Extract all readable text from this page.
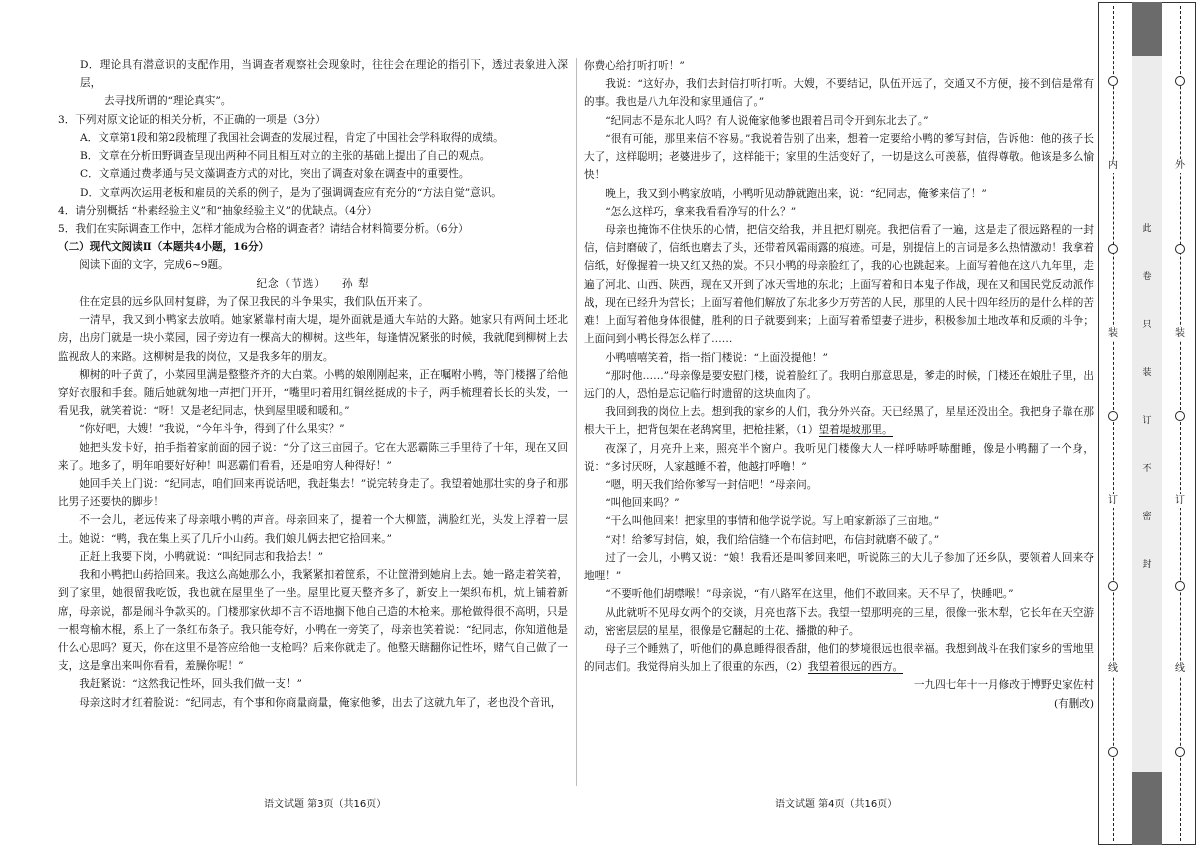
D．理论具有潜意识的支配作用，当调查者观察社会现象时，往往会在理论的指引下，透过表象进入深层，

去寻找所谓的“理论真实”。

3．下列对原文论证的相关分析，不正确的一项是（3分）

A．文章第1段和第2段梳理了我国社会调查的发展过程，肯定了中国社会学科取得的成绩。

B．文章在分析田野调查呈现出两种不同且相互对立的主张的基础上提出了自己的观点。

C．文章通过费孝通与吴文藻调查方式的对比，突出了调查对象在调查中的重要性。

D．文章两次运用老板和雇员的关系的例子，是为了强调调查应有充分的“方法自觉”意识。

4．请分别概括 “朴素经验主义”和“抽象经验主义”的优缺点。（4分）

5．我们在实际调查工作中，怎样才能成为合格的调查者？请结合材料简要分析。（6分）

（二）现代文阅读Ⅱ（本题共4小题，16分）

阅读下面的文字，完成6~9题。

纪念（节选） 孙 犁

住在定县的远乡队回村复辟，为了保卫我民的斗争果实，我们队伍开来了。

一清早，我又到小鸭家去放哨。她家紧靠村南大堤，堤外面就是通大车站的大路。她家只有两间土坯北房，出房门就是一块小菜园，园子旁边有一棵高大的柳树。这些年，每逢情况紧张的时候，我就爬到柳树上去监视敌人的来路。这柳树是我的岗位，又是我多年的朋友。

柳树的叶子黄了，小菜园里满是整整齐齐的大白菜。小鸭的娘刚刚起来，正在嘱咐小鸭，等门楼撂了给他穿好衣服和手套。随后她就匆地一声把门开开，“嘴里叼着用红铜丝挺成的卡子，两手梳理着长长的头发，一看见我，就笑着说：“呀！又是老纪同志，快到屋里暖和暖和。”

“你好吧，大嫂！”我说，“今年斗争，得到了什么果实？”

她把头发卡好，拍手指着家前面的园子说：“分了这三亩园子。它在大恶霸陈三手里待了十年，现在又回来了。地多了，明年咱要好好种！叫恶霸们看看，还是咱穷人种得好！”

她回手关上门说：“纪同志，咱们回来再说话吧，我赶集去！”说完转身走了。我望着她那壮实的身子和那比男子还要快的脚步！

不一会儿，老远传来了母亲哦小鸭的声音。母亲回来了，提着一个大柳篮，满脸红光，头发上浮着一层土。她说：“鸭，我在集上买了几斤小山药。我们娘儿俩去把它拾回来。”

正赶上我要下岗，小鸭就说：“叫纪同志和我拾去！”

我和小鸭把山药拾回来。我这么高她那么小，我紧紧扣着筐系，不让筐滑到她肩上去。她一路走着笑着，到了家里，她很留我吃饭，我也就在屋里坐了一坐。屋里比夏天整齐多了，新安上一架织布机，炕上铺着新席，母亲说，都是闹斗争款买的。门楼那家伙却不言不语地搁下他自己造的木枪来。那枪做得很不高明，只是一根弯榆木棍，系上了一条红布条子。我只能夸好，小鸭在一旁笑了，母亲也笑着说：“纪同志，你知道他是什么心思吗？夏天，你在这里不是答应给他一支枪吗？后来你就走了。他整天瞎翻你记性坏，赌气自己做了一支，这是拿出来叫你看看，羞臊你呢！”

我赶紧说：“这然我记性坏，回头我们做一支！”

母亲这时才红着脸说：“纪同志，有个事和你商量商量，俺家他爹，出去了这就九年了，老也没个音讯，

你费心给打听打听！”

我说：“这好办，我们去封信打听打听。大嫂，不要结记，队伍开远了，交通又不方便，接不到信是常有的事。我也是八九年没和家里通信了。”

“纪同志不是东北人吗？有人说俺家他爹也跟着吕司令开到东北去了。”

“很有可能，那里来信不容易。”我说着告别了出来，想着一定要给小鸭的爹写封信，告诉他：他的孩子长大了，这样聪明；老婆进步了，这样能干；家里的生活变好了，一切是这么可羡慕，值得尊敬。他该是多么愉快！

晚上，我又到小鸭家放哨，小鸭听见动静就跑出来，说：“纪同志，俺爹来信了！”

“怎么这样巧，拿来我看看净写的什么？”

母亲也掩饰不住快乐的心情，把信交给我，并且把灯剔亮。我把信看了一遍，这是走了很远路程的一封信，信封磨破了，信纸也磨去了头，还带着风霜雨露的痕迹。可是，别提信上的言词是多么热情激动！我拿着信纸，好像握着一块又红又热的炭。不只小鸭的母亲脸红了，我的心也跳起来。上面写着他在这八九年里，走遍了河北、山西、陕西，现在又开到了冰天雪地的东北；上面写着和日本鬼子作战，现在又和国民党反动派作战，现在已经升为营长；上面写着他们解放了东北多少万劳苦的人民，那里的人民十四年经历的是什么样的苦难！上面写着他身体很健，胜利的日子就要到来；上面写着希望妻子进步，积极参加土地改革和反顽的斗争；上面问到小鸭长得怎么样了……

小鸭嘻嘻笑着，指一指门楼说：“上面没提他！”

“那时他……”母亲像是要安慰门楼，说着脸红了。我明白那意思是，爹走的时候，门楼还在娘肚子里，出远门的人，恐怕是忘记临行时遗留的这块血肉了。

我回到我的岗位上去。想到我的家乡的人们，我分外兴奋。天已经黑了，星星还没出全。我把身子靠在那根大干上，把背包架在老鸹窝里，把枪挂紧，（1）望着堤坡那里。

夜深了，月亮升上来，照亮半个窗户。我听见门楼像大人一样呼哧呼哧酣睡，像是小鸭翻了一个身，说：“多讨厌呀，人家越睡不着，他越打呼噜！”

“嗯，明天我们给你爹写一封信吧！”母亲问。

“叫他回来吗？”

“干么叫他回来！把家里的事情和他学说学说。写上咱家新添了三亩地。”

“对！给爹写封信，娘，我们给信缝一个布信封吧，布信封就磨不破了。”

过了一会儿，小鸭又说：“娘！我看还是叫爹回来吧，听说陈三的大儿子参加了还乡队，要领着人回来夺地哩！”

“不要听他们胡噤喉！”母亲说，“有八路军在这里，他们不敢回来。天不早了，快睡吧。”

从此就听不见母女两个的交谈，月亮也落下去。我望一望那明亮的三星，很像一张木犁，它长年在天空游动，密密层层的星星，很像是它翻起的土花、播撒的种子。

母子三个睡熟了，听他们的鼻息睡得很香甜，他们的梦境很远也很幸福。我想到战斗在我们家乡的雪地里的同志们。我觉得肩头加上了很重的东西，（2）我望着很远的西方。

一九四七年十一月修改于博野史家佐村

(有删改)

语文试题 第3页（共16页）	语文试题 第4页（共16页）
内
装
订
线
外
装
订
线
此
卷
只
装
订
不
密
封
